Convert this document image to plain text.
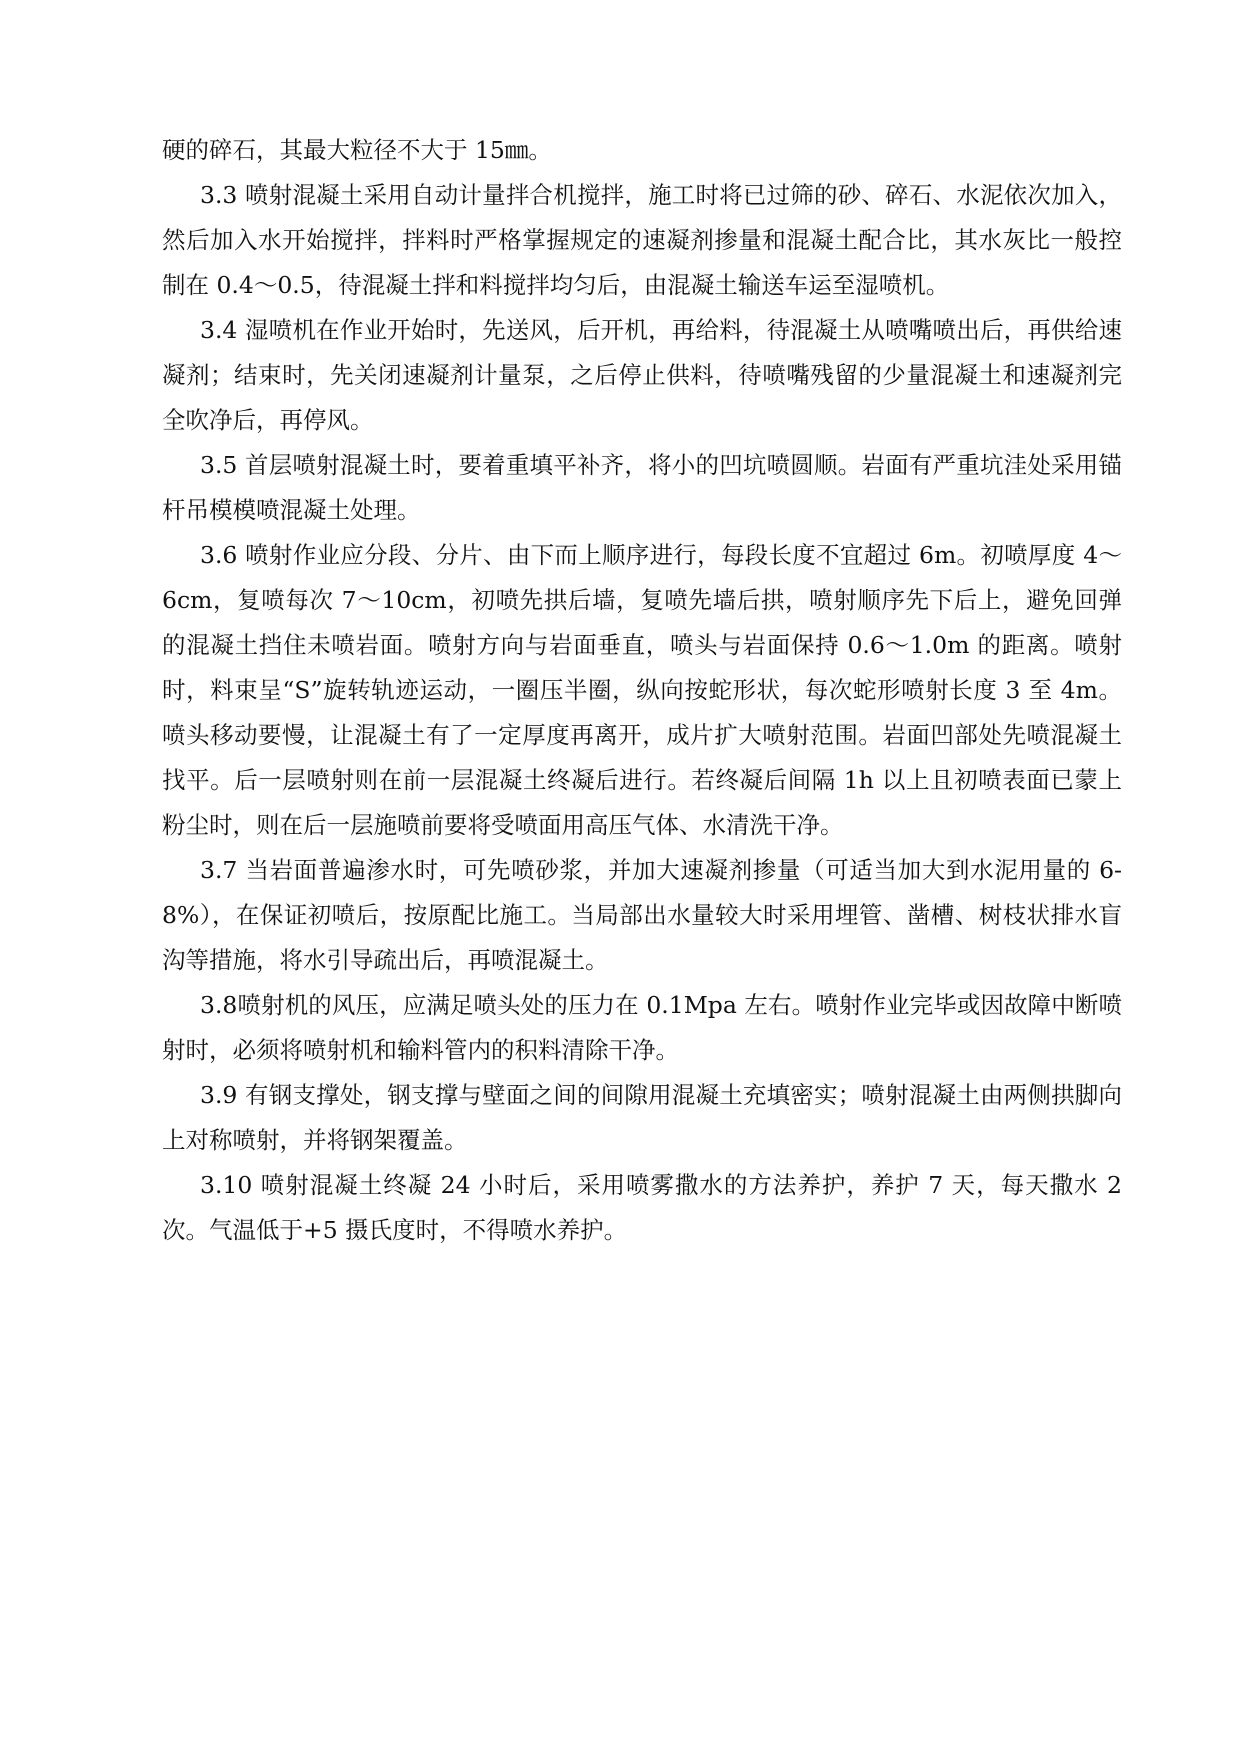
硬的碎石，其最大粒径不大于 15㎜。

3.3 喷射混凝土采用自动计量拌合机搅拌，施工时将已过筛的砂、碎石、水泥依次加入，然后加入水开始搅拌，拌料时严格掌握规定的速凝剂掺量和混凝土配合比，其水灰比一般控制在 0.4～0.5，待混凝土拌和料搅拌均匀后，由混凝土输送车运至湿喷机。

3.4 湿喷机在作业开始时，先送风，后开机，再给料，待混凝土从喷嘴喷出后，再供给速凝剂；结束时，先关闭速凝剂计量泵，之后停止供料，待喷嘴残留的少量混凝土和速凝剂完全吹净后，再停风。

3.5 首层喷射混凝土时，要着重填平补齐，将小的凹坑喷圆顺。岩面有严重坑洼处采用锚杆吊模模喷混凝土处理。

3.6 喷射作业应分段、分片、由下而上顺序进行，每段长度不宜超过 6m。初喷厚度 4～6cm，复喷每次 7～10cm，初喷先拱后墙，复喷先墙后拱，喷射顺序先下后上，避免回弹的混凝土挡住未喷岩面。喷射方向与岩面垂直，喷头与岩面保持 0.6～1.0m 的距离。喷射时，料束呈“S”旋转轨迹运动，一圈压半圈，纵向按蛇形状，每次蛇形喷射长度 3 至 4m。喷头移动要慢，让混凝土有了一定厚度再离开，成片扩大喷射范围。岩面凹部处先喷混凝土找平。后一层喷射则在前一层混凝土终凝后进行。若终凝后间隔 1h 以上且初喷表面已蒙上粉尘时，则在后一层施喷前要将受喷面用高压气体、水清洗干净。

3.7 当岩面普遍渗水时，可先喷砂浆，并加大速凝剂掺量（可适当加大到水泥用量的 6-8%），在保证初喷后，按原配比施工。当局部出水量较大时采用埋管、凿槽、树枝状排水盲沟等措施，将水引导疏出后，再喷混凝土。

3.8喷射机的风压，应满足喷头处的压力在 0.1Mpa 左右。喷射作业完毕或因故障中断喷射时，必须将喷射机和输料管内的积料清除干净。

3.9 有钢支撑处，钢支撑与壁面之间的间隙用混凝土充填密实；喷射混凝土由两侧拱脚向上对称喷射，并将钢架覆盖。

3.10 喷射混凝土终凝 24 小时后，采用喷雾撒水的方法养护，养护 7 天，每天撒水 2 次。气温低于+5 摄氏度时，不得喷水养护。
